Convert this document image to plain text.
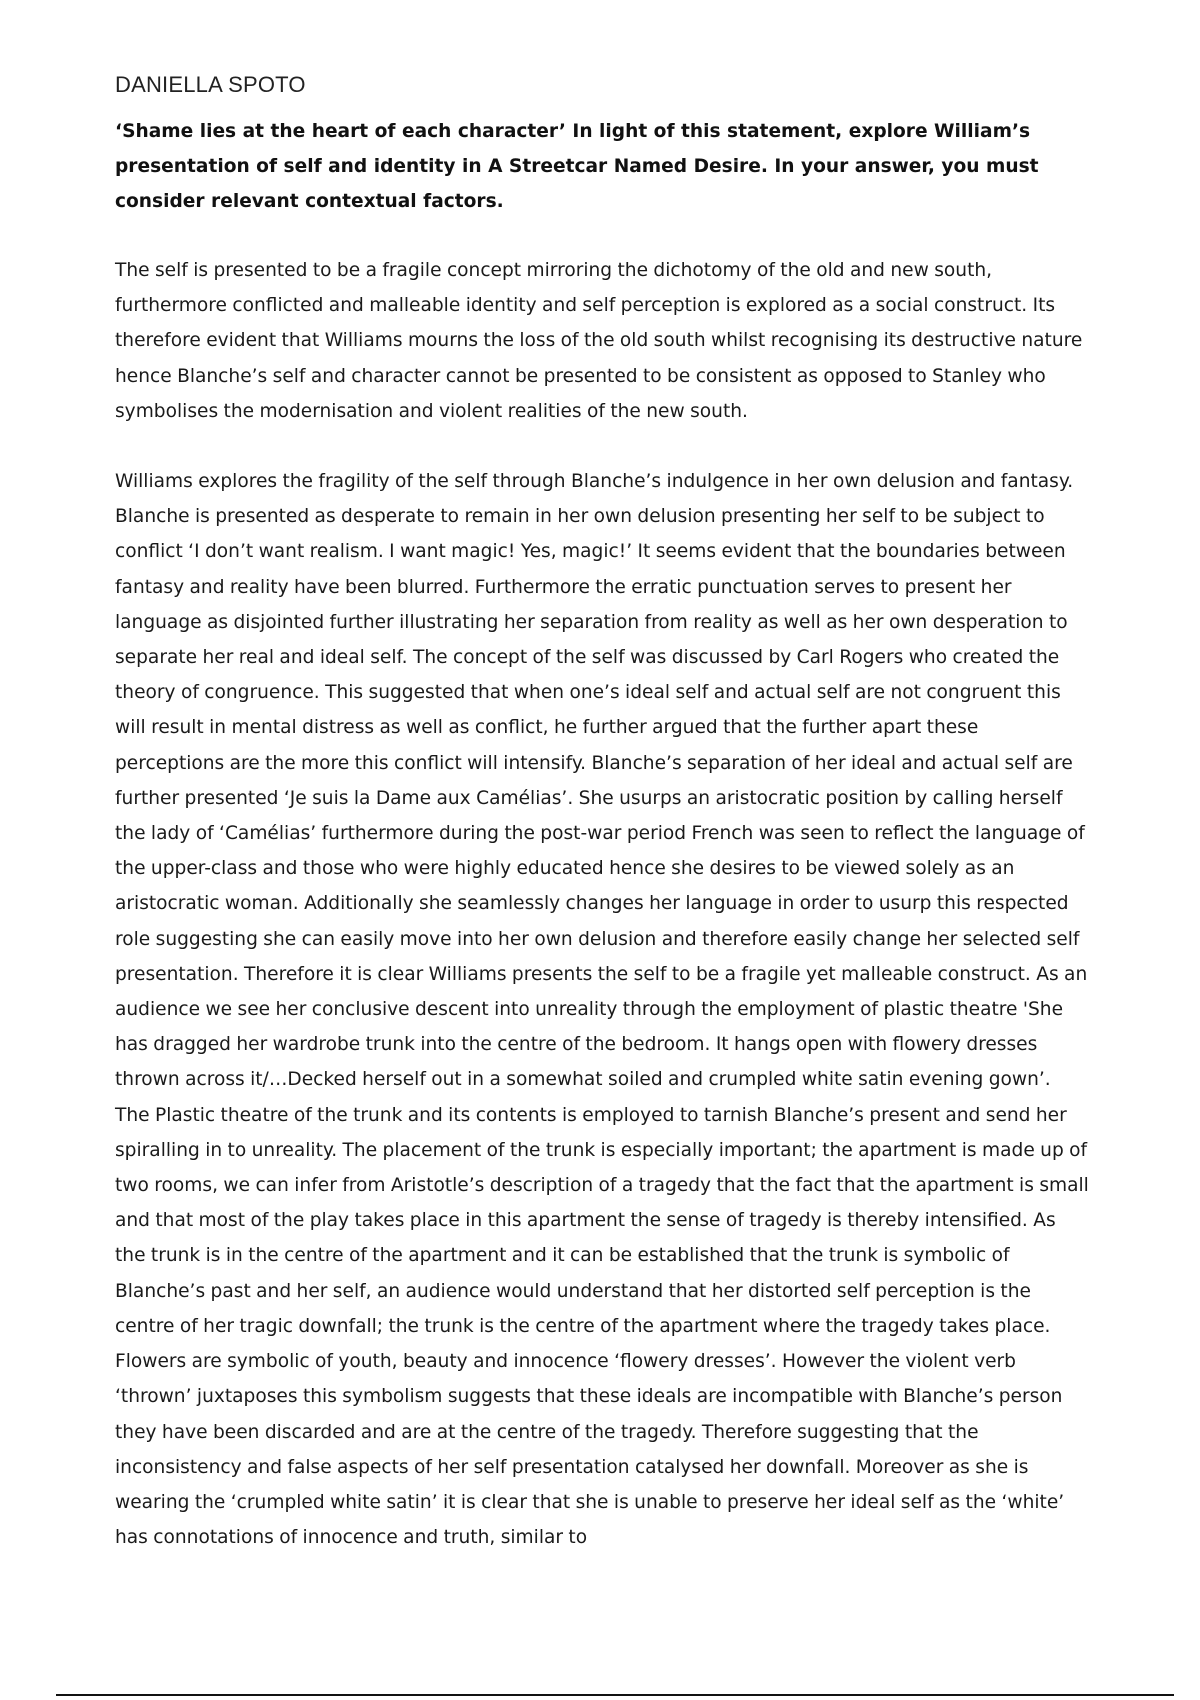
DANIELLA SPOTO
‘Shame lies at the heart of each character’ In light of this statement, explore William’s presentation of self and identity in A Streetcar Named Desire. In your answer, you must consider relevant contextual factors.

The self is presented to be a fragile concept mirroring the dichotomy of the old and new south, furthermore conflicted and malleable identity and self perception is explored as a social construct. Its therefore evident that Williams mourns the loss of the old south whilst recognising its destructive nature hence Blanche’s self and character cannot be presented to be consistent as opposed to Stanley who symbolises the modernisation and violent realities of the new south.

Williams explores the fragility of the self through Blanche’s indulgence in her own delusion and fantasy. Blanche is presented as desperate to remain in her own delusion presenting her self to be subject to conflict ‘I don’t want realism. I want magic! Yes, magic!’ It seems evident that the boundaries between fantasy and reality have been blurred. Furthermore the erratic punctuation serves to present her language as disjointed further illustrating her separation from reality as well as her own desperation to separate her real and ideal self. The concept of the self was discussed by Carl Rogers who created the theory of congruence. This suggested that when one’s ideal self and actual self are not congruent this will result in mental distress as well as conflict, he further argued that the further apart these perceptions are the more this conflict will intensify. Blanche’s separation of her ideal and actual self are further presented ‘Je suis la Dame aux Camélias’. She usurps an aristocratic position by calling herself the lady of ‘Camélias’ furthermore during the post-war period French was seen to reflect the language of the upper-class and those who were highly educated hence she desires to be viewed solely as an aristocratic woman. Additionally she seamlessly changes her language in order to usurp this respected role suggesting she can easily move into her own delusion and therefore easily change her selected self presentation. Therefore it is clear Williams presents the self to be a fragile yet malleable construct. As an audience we see her conclusive descent into unreality through the employment of plastic theatre 'She has dragged her wardrobe trunk into the centre of the bedroom. It hangs open with flowery dresses thrown across it/…Decked herself out in a somewhat soiled and crumpled white satin evening gown’. The Plastic theatre of the trunk and its contents is employed to tarnish Blanche’s present and send her spiralling in to unreality. The placement of the trunk is especially important; the apartment is made up of two rooms, we can infer from Aristotle’s description of a tragedy that the fact that the apartment is small and that most of the play takes place in this apartment the sense of tragedy is thereby intensified. As the trunk is in the centre of the apartment and it can be established that the trunk is symbolic of Blanche’s past and her self, an audience would understand that her distorted self perception is the centre of her tragic downfall; the trunk is the centre of the apartment where the tragedy takes place. Flowers are symbolic of youth, beauty and innocence ‘flowery dresses’. However the violent verb ‘thrown’ juxtaposes this symbolism suggests that these ideals are incompatible with Blanche’s person they have been discarded and are at the centre of the tragedy. Therefore suggesting that the inconsistency and false aspects of her self presentation catalysed her downfall. Moreover as she is wearing the ‘crumpled white satin’ it is clear that she is unable to preserve her ideal self as the ‘white’ has connotations of innocence and truth, similar to
